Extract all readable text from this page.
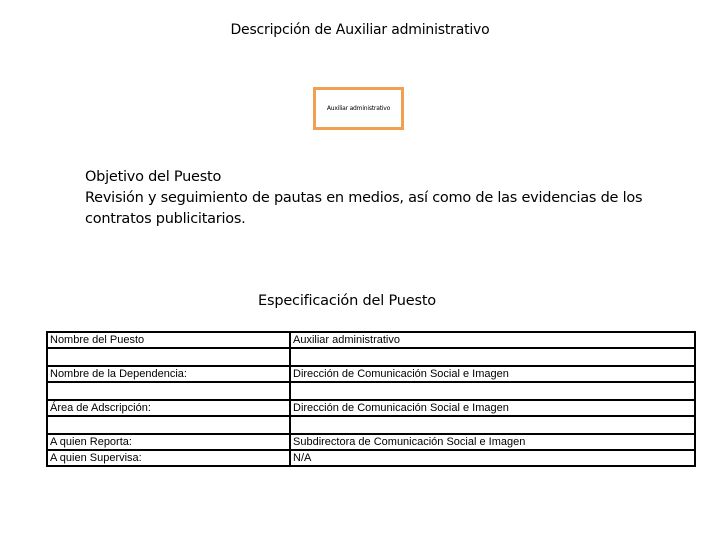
Descripción de Auxiliar administrativo
Auxiliar administrativo
Objetivo del Puesto
Revisión y seguimiento de pautas en medios, así como de las evidencias de los contratos publicitarios.
Especificación del Puesto
Nombre del Puesto	Auxiliar administrativo

Nombre de la Dependencia:	Dirección de Comunicación Social e Imagen

Área de Adscripción:	Dirección de Comunicación Social e Imagen

A quien Reporta:	Subdirectora de Comunicación Social e Imagen
A quien Supervisa:	N/A
